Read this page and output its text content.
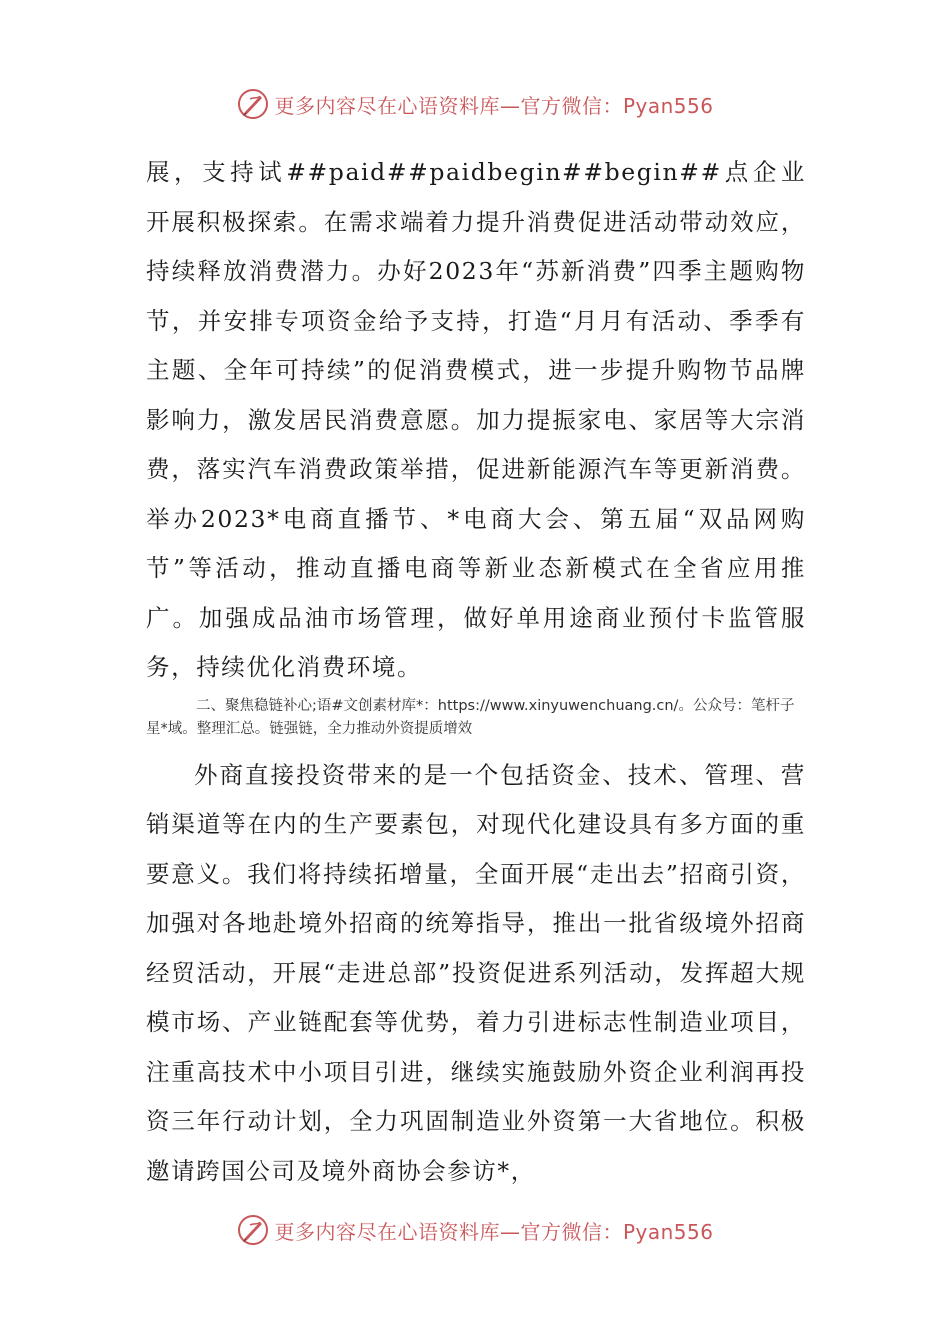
更多内容尽在心语资料库—官方微信：Pyan556

展，支持试##paid##paidbegin##begin##点企业开展积极探索。在需求端着力提升消费促进活动带动效应，持续释放消费潜力。办好2023年“苏新消费”四季主题购物节，并安排专项资金给予支持，打造“月月有活动、季季有主题、全年可持续”的促消费模式，进一步提升购物节品牌影响力，激发居民消费意愿。加力提振家电、家居等大宗消费，落实汽车消费政策举措，促进新能源汽车等更新消费。举办2023*电商直播节、*电商大会、第五届“双品网购节”等活动，推动直播电商等新业态新模式在全省应用推广。加强成品油市场管理，做好单用途商业预付卡监管服务，持续优化消费环境。

二、聚焦稳链补心;语#文创素材库*：https://www.xinyuwenchuang.cn/。公众号：笔杆子星*域。整理汇总。链强链，全力推动外资提质增效

外商直接投资带来的是一个包括资金、技术、管理、营销渠道等在内的生产要素包，对现代化建设具有多方面的重要意义。我们将持续拓增量，全面开展“走出去”招商引资，加强对各地赴境外招商的统筹指导，推出一批省级境外招商经贸活动，开展“走进总部”投资促进系列活动，发挥超大规模市场、产业链配套等优势，着力引进标志性制造业项目，注重高技术中小项目引进，继续实施鼓励外资企业利润再投资三年行动计划，全力巩固制造业外资第一大省地位。积极邀请跨国公司及境外商协会参访*，

更多内容尽在心语资料库—官方微信：Pyan556
